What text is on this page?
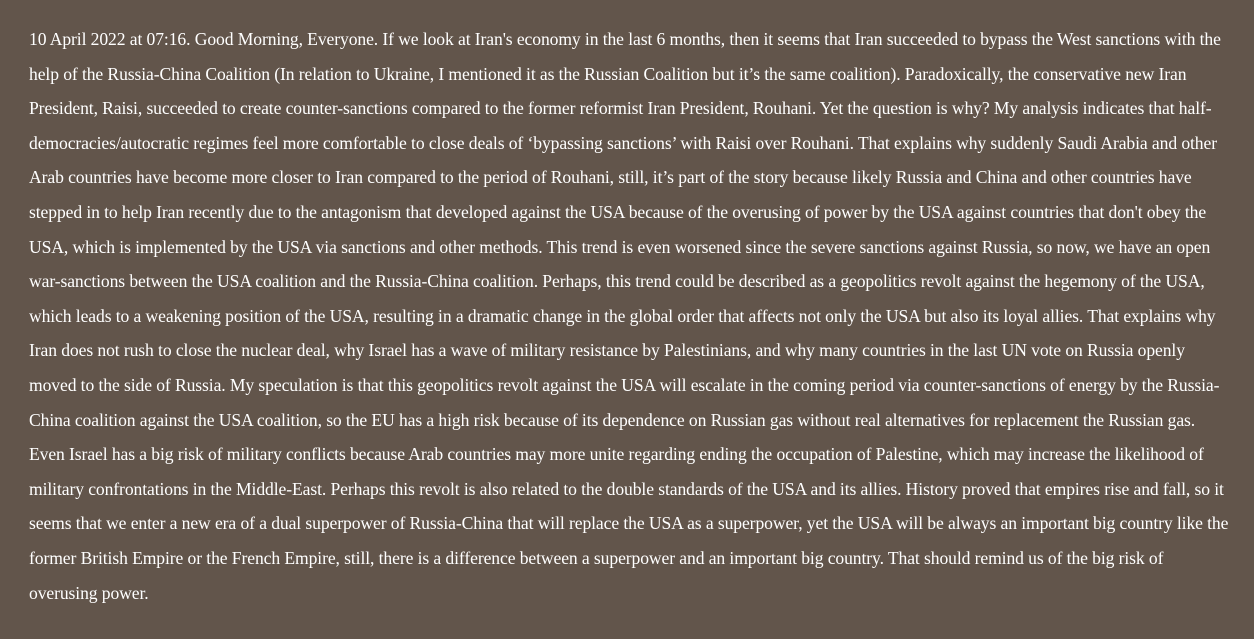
10 April 2022 at 07:16. Good Morning, Everyone. If we look at Iran's economy in the last 6 months, then it seems that Iran succeeded to bypass the West sanctions with the help of the Russia-China Coalition (In relation to Ukraine, I mentioned it as the Russian Coalition but it’s the same coalition). Paradoxically, the conservative new Iran President, Raisi, succeeded to create counter-sanctions compared to the former reformist Iran President, Rouhani. Yet the question is why? My analysis indicates that half-democracies/autocratic regimes feel more comfortable to close deals of ‘bypassing sanctions’ with Raisi over Rouhani. That explains why suddenly Saudi Arabia and other Arab countries have become more closer to Iran compared to the period of Rouhani, still, it’s part of the story because likely Russia and China and other countries have stepped in to help Iran recently due to the antagonism that developed against the USA because of the overusing of power by the USA against countries that don't obey the USA, which is implemented by the USA via sanctions and other methods. This trend is even worsened since the severe sanctions against Russia, so now, we have an open war-sanctions between the USA coalition and the Russia-China coalition. Perhaps, this trend could be described as a geopolitics revolt against the hegemony of the USA, which leads to a weakening position of the USA, resulting in a dramatic change in the global order that affects not only the USA but also its loyal allies. That explains why Iran does not rush to close the nuclear deal, why Israel has a wave of military resistance by Palestinians, and why many countries in the last UN vote on Russia openly moved to the side of Russia. My speculation is that this geopolitics revolt against the USA will escalate in the coming period via counter-sanctions of energy by the Russia-China coalition against the USA coalition, so the EU has a high risk because of its dependence on Russian gas without real alternatives for replacement the Russian gas. Even Israel has a big risk of military conflicts because Arab countries may more unite regarding ending the occupation of Palestine, which may increase the likelihood of military confrontations in the Middle-East. Perhaps this revolt is also related to the double standards of the USA and its allies. History proved that empires rise and fall, so it seems that we enter a new era of a dual superpower of Russia-China that will replace the USA as a superpower, yet the USA will be always an important big country like the former British Empire or the French Empire, still, there is a difference between a superpower and an important big country. That should remind us of the big risk of overusing power.
